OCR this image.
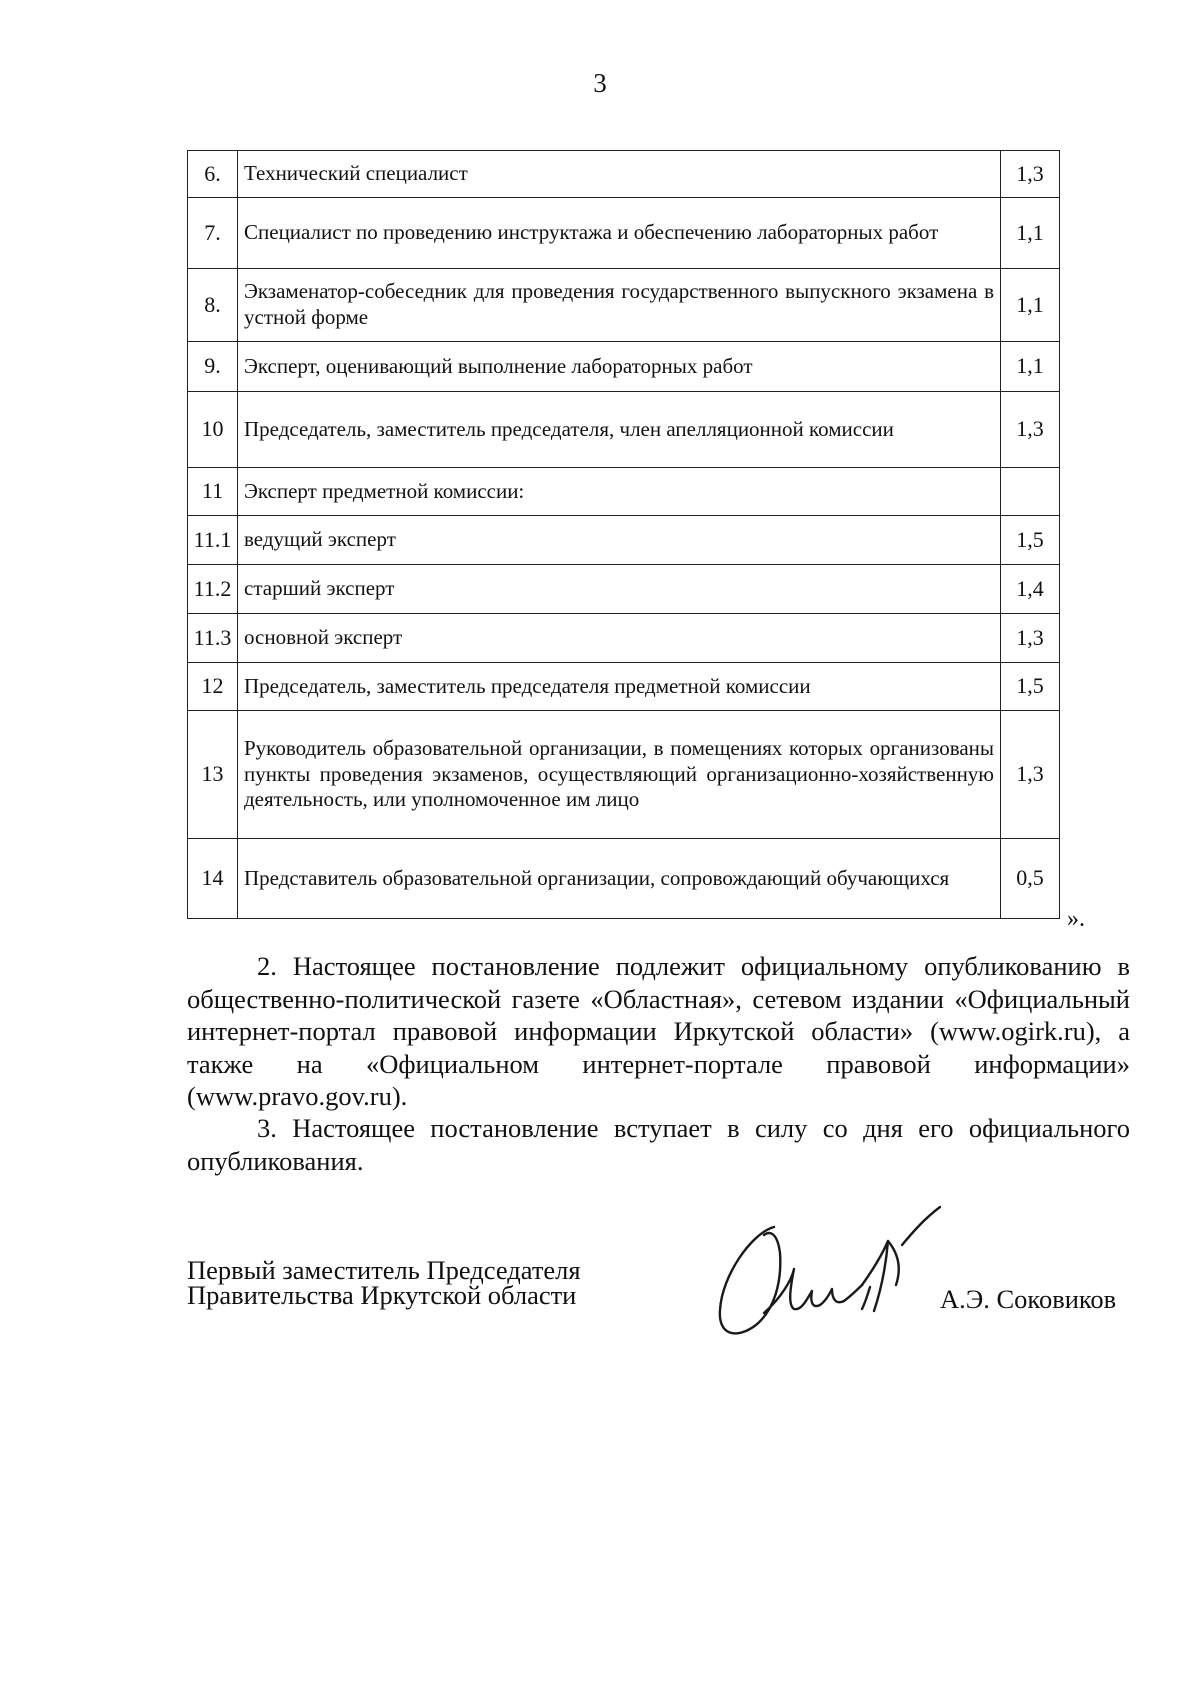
3
6.	Технический специалист	1,3
7.	Специалист по проведению инструктажа и обеспечению лабораторных работ	1,1
8.	Экзаменатор-собеседник для проведения государственного выпускного экзамена в устной форме	1,1
9.	Эксперт, оценивающий выполнение лабораторных работ	1,1
10	Председатель, заместитель председателя, член апелляционной комиссии	1,3
11	Эксперт предметной комиссии:	
11.1	ведущий эксперт	1,5
11.2	старший эксперт	1,4
11.3	основной эксперт	1,3
12	Председатель, заместитель председателя предметной комиссии	1,5
13	Руководитель образовательной организации, в помещениях которых организованы пункты проведения экзаменов, осуществляющий организационно-хозяйственную деятельность, или уполномоченное им лицо	1,3
14	Представитель образовательной организации, сопровождающий обучающихся	0,5
».

2. Настоящее постановление подлежит официальному опубликованию в общественно-политической газете «Областная», сетевом издании «Официальный интернет-портал правовой информации Иркутской области» (www.ogirk.ru), а также на «Официальном интернет-портале правовой информации» (www.pravo.gov.ru).

3. Настоящее постановление вступает в силу со дня его официального опубликования.

Первый заместитель Председателя
Правительства Иркутской области	А.Э. Соковиков
